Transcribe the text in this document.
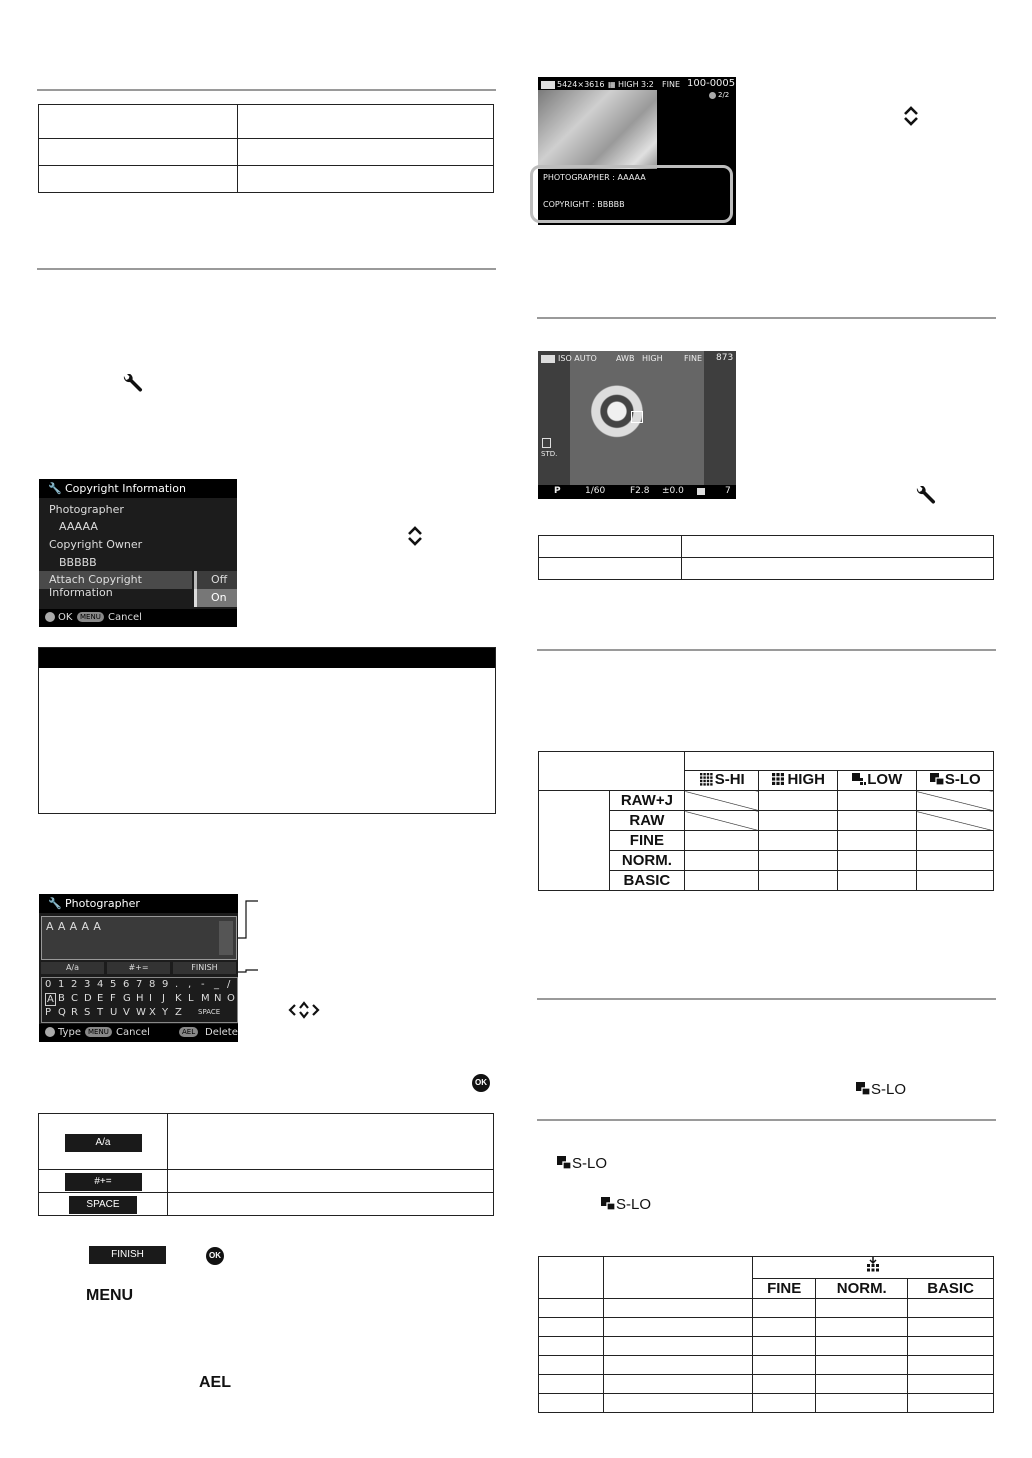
🔧 Copyright Information
Photographer
AAAAA
Copyright Owner
BBBBB
Attach Copyright Information
Off
On
OK	MENU Cancel
🔧 Photographer
AAAAA
A/a	#+=	FINISH
0 1 2 3 4 5 6 7 8 9 . , - _ /
A B C D E F G H I J K L M N O
P Q R S T U V W X Y Z SPACE
Type	MENU Cancel	AEL Delete
OK
A/a	
#+=	
SPACE	
FINISH	OK
MENU
AEL
5424×3616 ▦ HIGH 3:2 FINE 100-0005
2/2
PHOTOGRAPHER : AAAAA
COPYRIGHT : BBBBB
ISO AUTO AWB HIGH	FINE 873
STD.
P	1/60	F2.8 ±0.0	7

		S-HI	HIGH	LOW	S-LO
	RAW+J				
	RAW				
	FINE				
	NORM.				
	BASIC				
S-LO
S-LO
S-LO

		FINE	NORM.	BASIC
